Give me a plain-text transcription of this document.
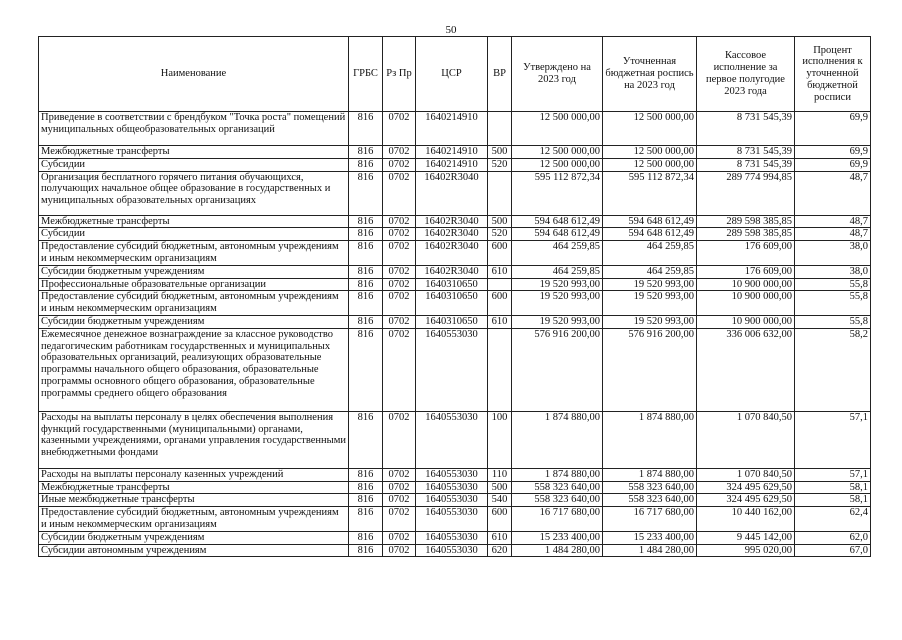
50
Наименование	ГРБС	Рз Пр	ЦСР	ВР	Утверждено на 2023 год	Уточненная бюджетная роспись на 2023 год	Кассовое исполнение за первое полугодие 2023 года	Процент исполнения к уточненной бюджетной росписи
Приведение в соответствии с брендбуком "Точка роста" помещений муниципальных общеобразовательных организаций	816	0702	1640214910		12 500 000,00	12 500 000,00	8 731 545,39	69,9
Межбюджетные трансферты	816	0702	1640214910	500	12 500 000,00	12 500 000,00	8 731 545,39	69,9
Субсидии	816	0702	1640214910	520	12 500 000,00	12 500 000,00	8 731 545,39	69,9
Организация бесплатного горячего питания обучающихся, получающих начальное общее образование в государственных и муниципальных образовательных организациях	816	0702	16402R3040		595 112 872,34	595 112 872,34	289 774 994,85	48,7
Межбюджетные трансферты	816	0702	16402R3040	500	594 648 612,49	594 648 612,49	289 598 385,85	48,7
Субсидии	816	0702	16402R3040	520	594 648 612,49	594 648 612,49	289 598 385,85	48,7
Предоставление субсидий бюджетным, автономным учреждениям и иным некоммерческим организациям	816	0702	16402R3040	600	464 259,85	464 259,85	176 609,00	38,0
Субсидии бюджетным учреждениям	816	0702	16402R3040	610	464 259,85	464 259,85	176 609,00	38,0
Профессиональные образовательные организации	816	0702	1640310650		19 520 993,00	19 520 993,00	10 900 000,00	55,8
Предоставление субсидий бюджетным, автономным учреждениям и иным некоммерческим организациям	816	0702	1640310650	600	19 520 993,00	19 520 993,00	10 900 000,00	55,8
Субсидии бюджетным учреждениям	816	0702	1640310650	610	19 520 993,00	19 520 993,00	10 900 000,00	55,8
Ежемесячное денежное вознаграждение за классное руководство педагогическим работникам государственных и муниципальных образовательных организаций, реализующих образовательные программы начального общего образования, образовательные программы основного общего образования, образовательные программы среднего общего образования	816	0702	1640553030		576 916 200,00	576 916 200,00	336 006 632,00	58,2
Расходы на выплаты персоналу в целях обеспечения выполнения функций государственными (муниципальными) органами, казенными учреждениями, органами управления государственными внебюджетными фондами	816	0702	1640553030	100	1 874 880,00	1 874 880,00	1 070 840,50	57,1
Расходы на выплаты персоналу казенных учреждений	816	0702	1640553030	110	1 874 880,00	1 874 880,00	1 070 840,50	57,1
Межбюджетные трансферты	816	0702	1640553030	500	558 323 640,00	558 323 640,00	324 495 629,50	58,1
Иные межбюджетные трансферты	816	0702	1640553030	540	558 323 640,00	558 323 640,00	324 495 629,50	58,1
Предоставление субсидий бюджетным, автономным учреждениям и иным некоммерческим организациям	816	0702	1640553030	600	16 717 680,00	16 717 680,00	10 440 162,00	62,4
Субсидии бюджетным учреждениям	816	0702	1640553030	610	15 233 400,00	15 233 400,00	9 445 142,00	62,0
Субсидии автономным учреждениям	816	0702	1640553030	620	1 484 280,00	1 484 280,00	995 020,00	67,0
